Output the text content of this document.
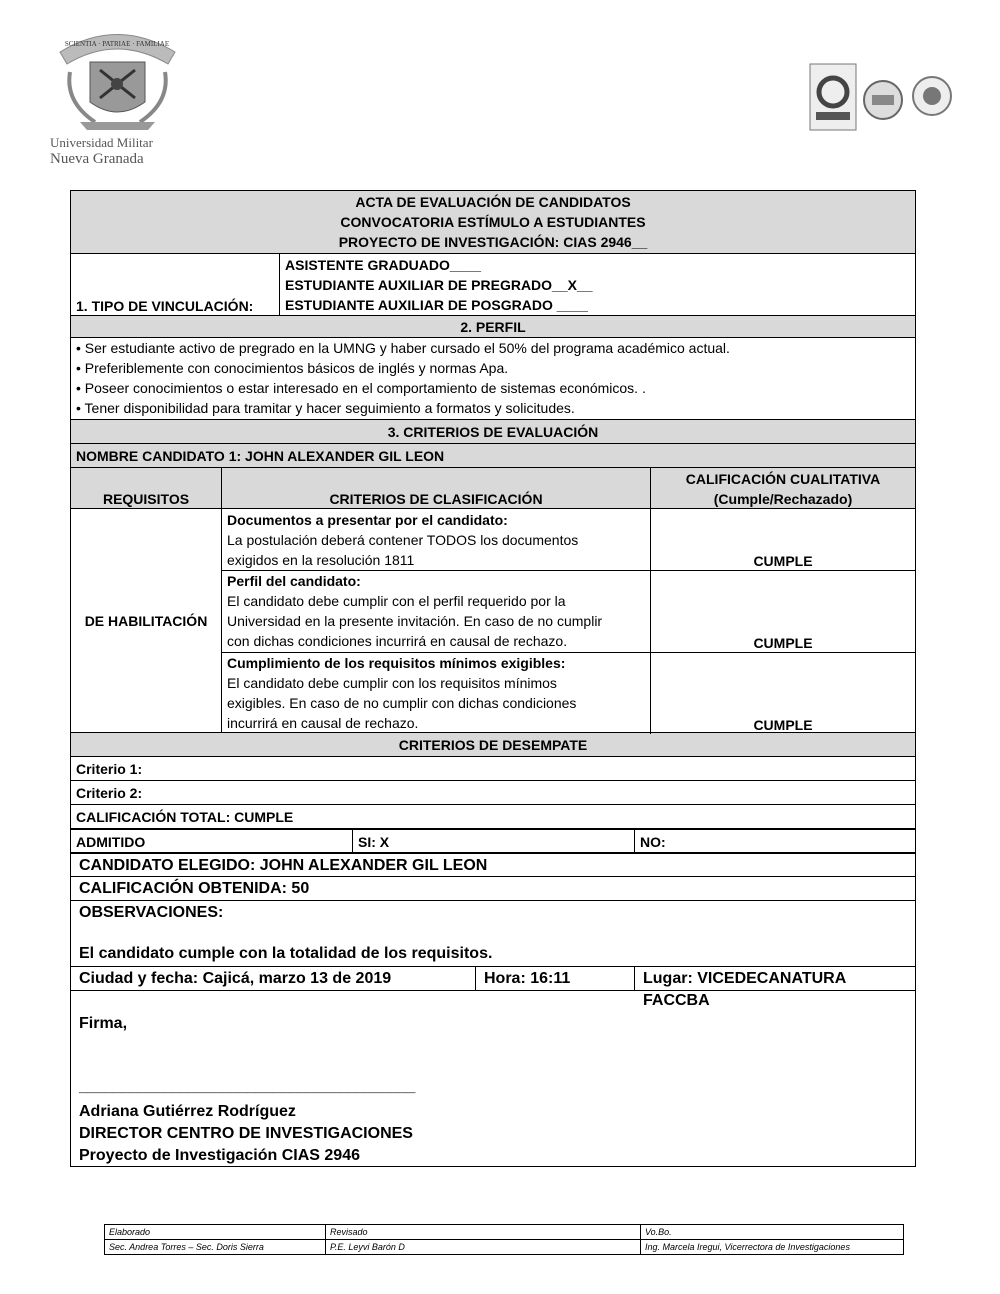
SCIENTIA · PATRIAE · FAMILIAE
Universidad Militar
Nueva Granada
ACTA DE EVALUACIÓN DE CANDIDATOS
CONVOCATORIA ESTÍMULO A ESTUDIANTES
PROYECTO DE INVESTIGACIÓN: CIAS 2946__
1. TIPO DE VINCULACIÓN:
ASISTENTE GRADUADO____
ESTUDIANTE AUXILIAR DE PREGRADO__X__
ESTUDIANTE AUXILIAR DE POSGRADO ____
2. PERFIL
• Ser estudiante activo de pregrado en la UMNG y haber cursado el 50% del programa académico actual.
• Preferiblemente con conocimientos básicos de inglés y normas Apa.
• Poseer conocimientos o estar interesado en el comportamiento de sistemas económicos. .
• Tener disponibilidad para tramitar y hacer seguimiento a formatos y solicitudes.
3. CRITERIOS DE EVALUACIÓN
NOMBRE CANDIDATO 1: JOHN ALEXANDER GIL LEON
REQUISITOS	CRITERIOS DE CLASIFICACIÓN
CALIFICACIÓN CUALITATIVA
(Cumple/Rechazado)
DE HABILITACIÓN
Documentos a presentar por el candidato:
La postulación deberá contener TODOS los documentos
exigidos en la resolución 1811	CUMPLE
Perfil del candidato:
El candidato debe cumplir con el perfil requerido por la
Universidad en la presente invitación. En caso de no cumplir
con dichas condiciones incurrirá en causal de rechazo.	CUMPLE
Cumplimiento de los requisitos mínimos exigibles:
El candidato debe cumplir con los requisitos mínimos
exigibles. En caso de no cumplir con dichas condiciones
incurrirá en causal de rechazo.	CUMPLE
CRITERIOS DE DESEMPATE
Criterio 1:
Criterio 2:
CALIFICACIÓN TOTAL: CUMPLE
ADMITIDO	SI: X	NO:
CANDIDATO ELEGIDO: JOHN ALEXANDER GIL LEON
CALIFICACIÓN OBTENIDA: 50
OBSERVACIONES:
El candidato cumple con la totalidad de los requisitos.
Ciudad y fecha: Cajicá, marzo 13 de 2019	Hora: 16:11	Lugar: VICEDECANATURA FACCBA
Firma,
________________________________________
Adriana Gutiérrez Rodríguez
DIRECTOR CENTRO DE INVESTIGACIONES
Proyecto de Investigación CIAS 2946
Elaborado	Revisado	Vo.Bo.
Sec. Andrea Torres – Sec. Doris Sierra	P.E. Leyvi Barón D	Ing. Marcela Iregui, Vicerrectora de Investigaciones
